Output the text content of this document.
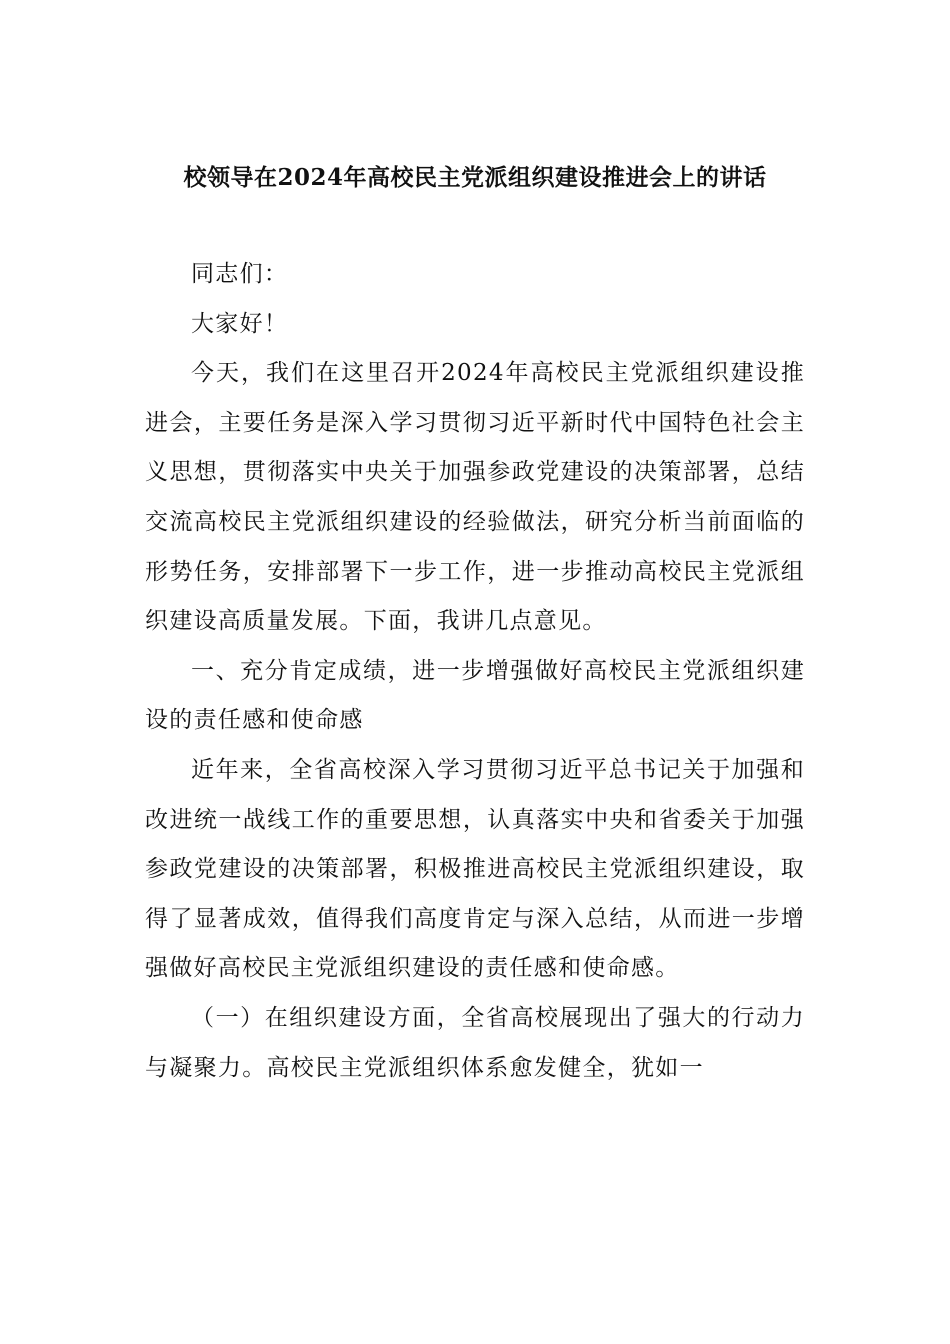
校领导在2024年高校民主党派组织建设推进会上的讲话

同志们：

大家好！

今天，我们在这里召开2024年高校民主党派组织建设推进会，主要任务是深入学习贯彻习近平新时代中国特色社会主义思想，贯彻落实中央关于加强参政党建设的决策部署，总结交流高校民主党派组织建设的经验做法，研究分析当前面临的形势任务，安排部署下一步工作，进一步推动高校民主党派组织建设高质量发展。下面，我讲几点意见。

一、充分肯定成绩，进一步增强做好高校民主党派组织建设的责任感和使命感

近年来，全省高校深入学习贯彻习近平总书记关于加强和改进统一战线工作的重要思想，认真落实中央和省委关于加强参政党建设的决策部署，积极推进高校民主党派组织建设，取得了显著成效，值得我们高度肯定与深入总结，从而进一步增强做好高校民主党派组织建设的责任感和使命感。

（一）在组织建设方面，全省高校展现出了强大的行动力与凝聚力。高校民主党派组织体系愈发健全，犹如一
